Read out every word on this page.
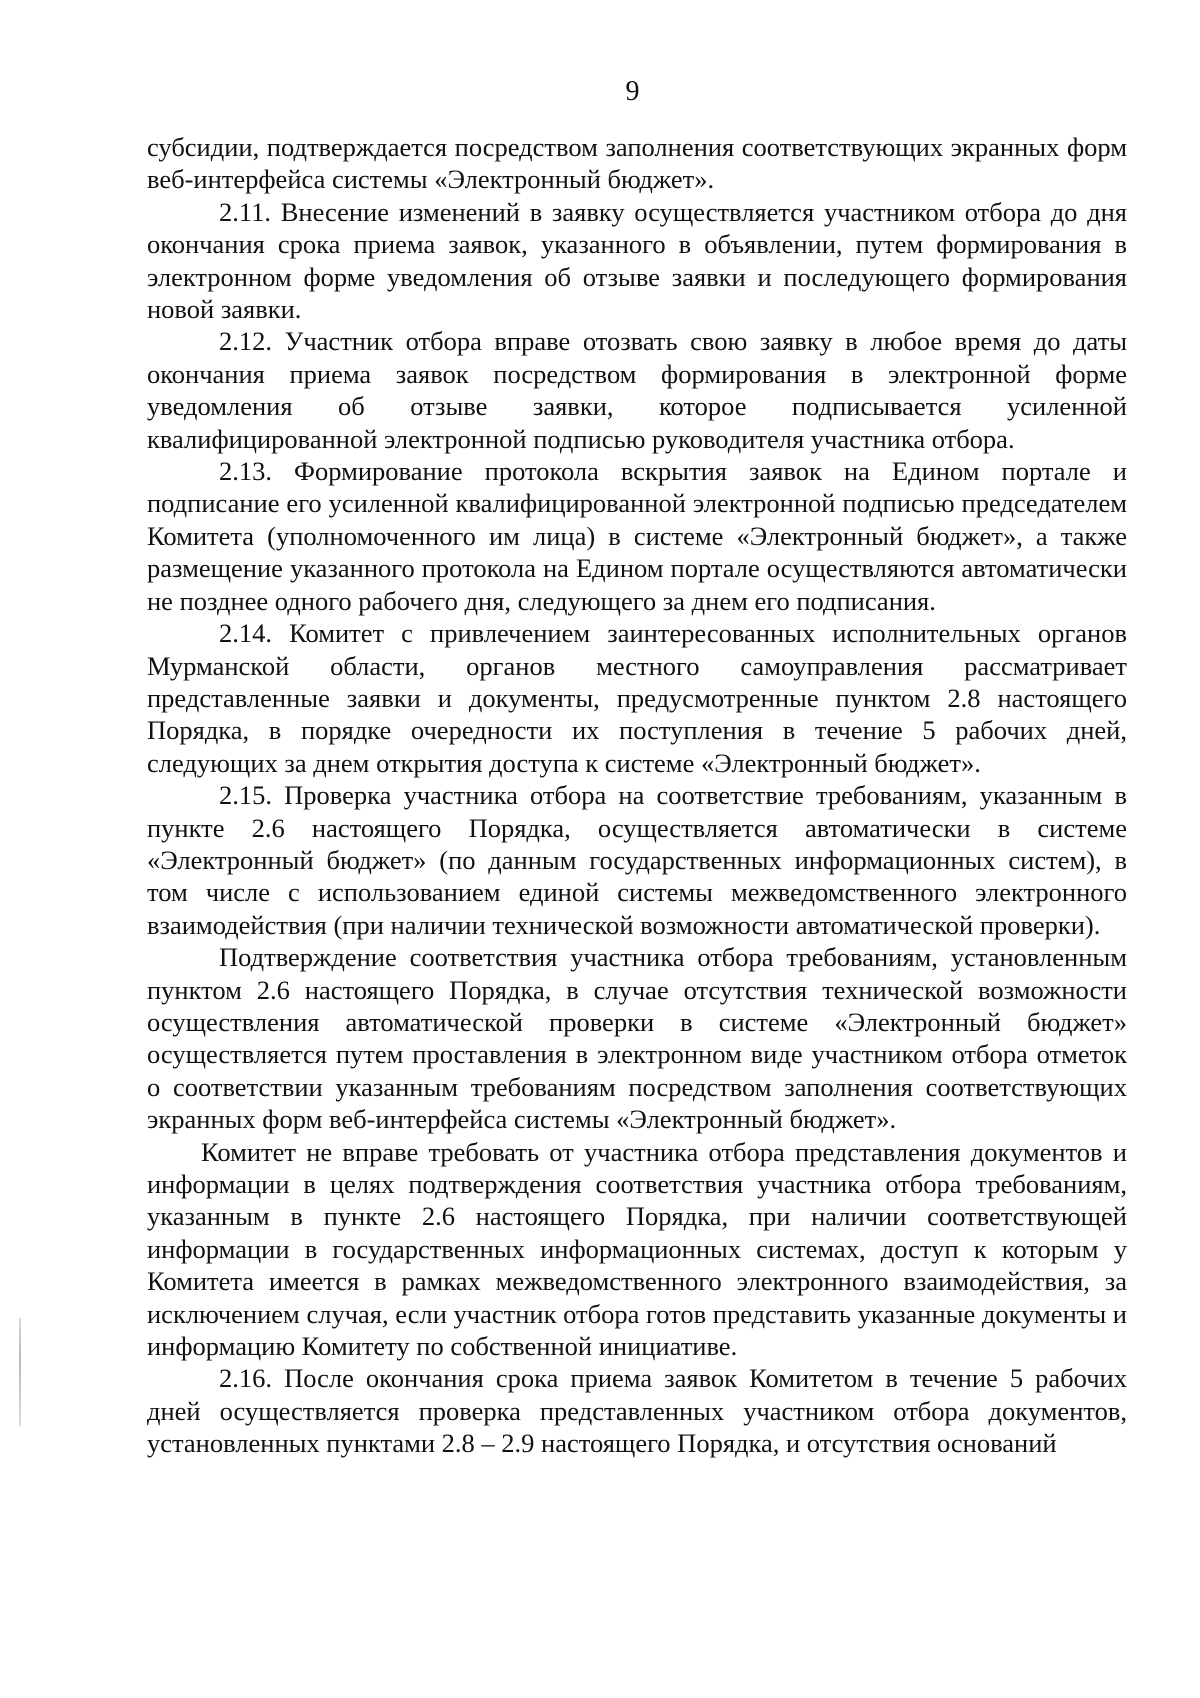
9

субсидии, подтверждается посредством заполнения соответствующих экранных форм веб-интерфейса системы «Электронный бюджет».

2.11. Внесение изменений в заявку осуществляется участником отбора до дня окончания срока приема заявок, указанного в объявлении, путем формирования в электронном форме уведомления об отзыве заявки и последующего формирования новой заявки.

2.12. Участник отбора вправе отозвать свою заявку в любое время до даты окончания приема заявок посредством формирования в электронной форме уведомления об отзыве заявки, которое подписывается усиленной квалифицированной электронной подписью руководителя участника отбора.

2.13. Формирование протокола вскрытия заявок на Едином портале и подписание его усиленной квалифицированной электронной подписью председателем Комитета (уполномоченного им лица) в системе «Электронный бюджет», а также размещение указанного протокола на Едином портале осуществляются автоматически не позднее одного рабочего дня, следующего за днем его подписания.

2.14. Комитет с привлечением заинтересованных исполнительных органов Мурманской области, органов местного самоуправления рассматривает представленные заявки и документы, предусмотренные пунктом 2.8 настоящего Порядка, в порядке очередности их поступления в течение 5 рабочих дней, следующих за днем открытия доступа к системе «Электронный бюджет».

2.15. Проверка участника отбора на соответствие требованиям, указанным в пункте 2.6 настоящего Порядка, осуществляется автоматически в системе «Электронный бюджет» (по данным государственных информационных систем), в том числе с использованием единой системы межведомственного электронного взаимодействия (при наличии технической возможности автоматической проверки).

Подтверждение соответствия участника отбора требованиям, установленным пунктом 2.6 настоящего Порядка, в случае отсутствия технической возможности осуществления автоматической проверки в системе «Электронный бюджет» осуществляется путем проставления в электронном виде участником отбора отметок о соответствии указанным требованиям посредством заполнения соответствующих экранных форм веб-интерфейса системы «Электронный бюджет».

Комитет не вправе требовать от участника отбора представления документов и информации в целях подтверждения соответствия участника отбора требованиям, указанным в пункте 2.6 настоящего Порядка, при наличии соответствующей информации в государственных информационных системах, доступ к которым у Комитета имеется в рамках межведомственного электронного взаимодействия, за исключением случая, если участник отбора готов представить указанные документы и информацию Комитету по собственной инициативе.

2.16. После окончания срока приема заявок Комитетом в течение 5 рабочих дней осуществляется проверка представленных участником отбора документов, установленных пунктами 2.8 – 2.9 настоящего Порядка, и отсутствия оснований
